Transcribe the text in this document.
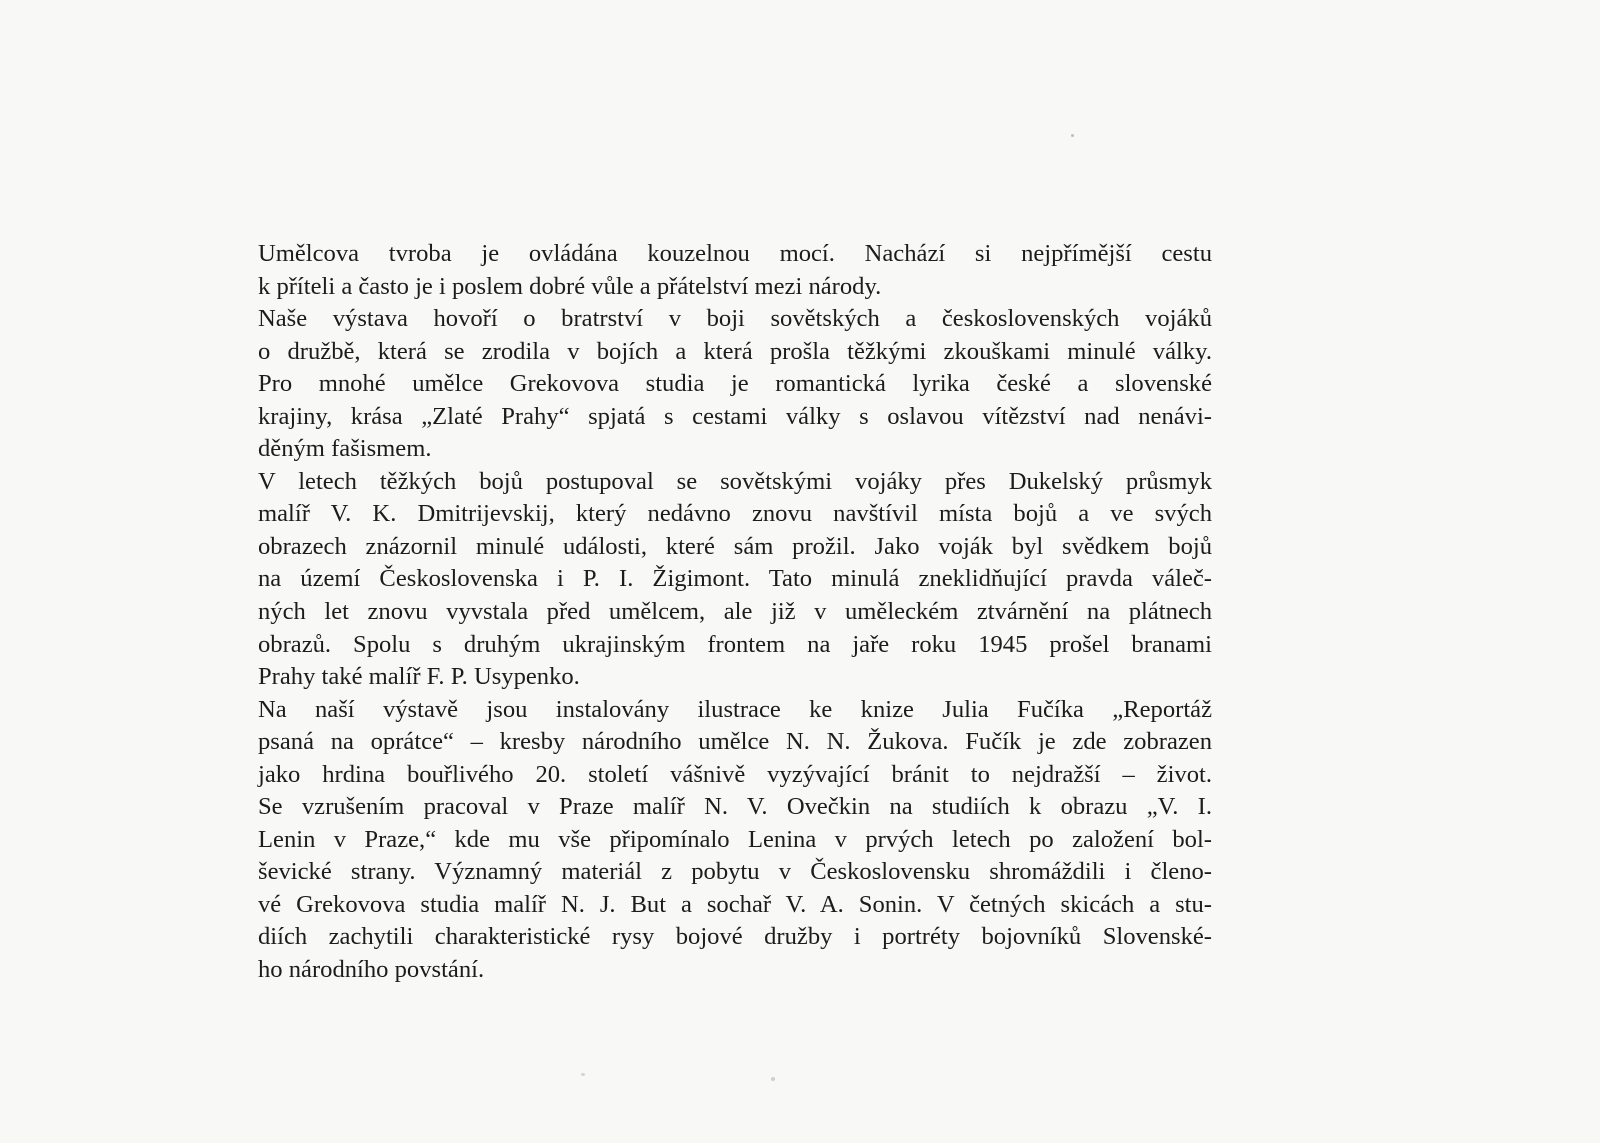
Umělcova tvroba je ovládána kouzelnou mocí. Nachází si nejpřímější cestu
k příteli a často je i poslem dobré vůle a přátelství mezi národy.
Naše výstava hovoří o bratrství v boji sovětských a československých vojáků
o družbě, která se zrodila v bojích a která prošla těžkými zkouškami minulé války.
Pro mnohé umělce Grekovova studia je romantická lyrika české a slovenské
krajiny, krása „Zlaté Prahy“ spjatá s cestami války s oslavou vítězství nad nenávi-
děným fašismem.
V letech těžkých bojů postupoval se sovětskými vojáky přes Dukelský průsmyk
malíř V. K. Dmitrijevskij, který nedávno znovu navštívil místa bojů a ve svých
obrazech znázornil minulé události, které sám prožil. Jako voják byl svědkem bojů
na území Československa i P. I. Žigimont. Tato minulá zneklidňující pravda váleč-
ných let znovu vyvstala před umělcem, ale již v uměleckém ztvárnění na plátnech
obrazů. Spolu s druhým ukrajinským frontem na jaře roku 1945 prošel branami
Prahy také malíř F. P. Usypenko.
Na naší výstavě jsou instalovány ilustrace ke knize Julia Fučíka „Reportáž
psaná na oprátce“ – kresby národního umělce N. N. Žukova. Fučík je zde zobrazen
jako hrdina bouřlivého 20. století vášnivě vyzývající bránit to nejdražší – život.
Se vzrušením pracoval v Praze malíř N. V. Ovečkin na studiích k obrazu „V. I.
Lenin v Praze,“ kde mu vše připomínalo Lenina v prvých letech po založení bol-
ševické strany. Významný materiál z pobytu v Československu shromáždili i členo-
vé Grekovova studia malíř N. J. But a sochař V. A. Sonin. V četných skicách a stu-
diích zachytili charakteristické rysy bojové družby i portréty bojovníků Slovenské-
ho národního povstání.
